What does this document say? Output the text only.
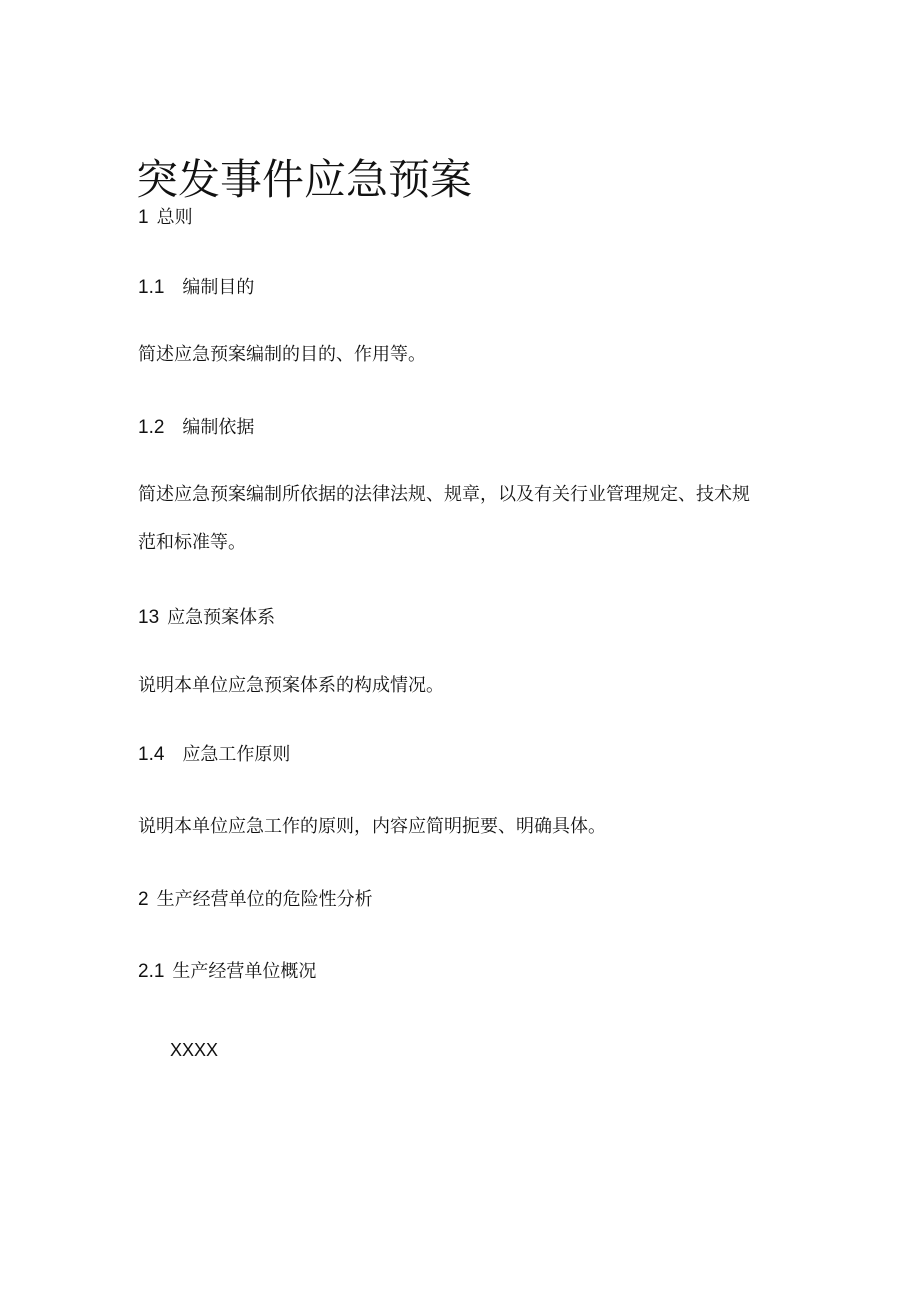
突发事件应急预案
1 总则
1.1 编制目的
简述应急预案编制的目的、作用等。
1.2 编制依据
简述应急预案编制所依据的法律法规、规章，以及有关行业管理规定、技术规
范和标准等。
13 应急预案体系
说明本单位应急预案体系的构成情况。
1.4 应急工作原则
说明本单位应急工作的原则，内容应简明扼要、明确具体。
2 生产经营单位的危险性分析
2.1 生产经营单位概况
XXXX
